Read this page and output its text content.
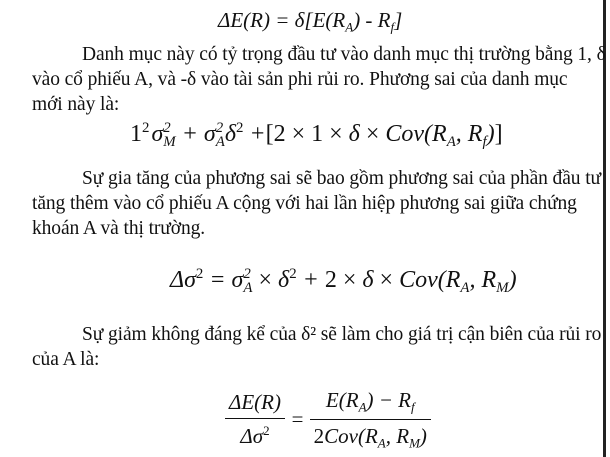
$\Delta E(R) = \delta[E(R_A) - R_f]$
Danh mục này có tỷ trọng đầu tư vào danh mục thị trường bằng 1, δ
vào cổ phiếu A, và -δ vào tài sản phi rủi ro. Phương sai của danh mục
mới này là:
$1^2$ σ 2
M + σ 2
A $\delta^2 +[2 \times 1 \times \delta \times Cov(R_A$, $R_f$)]
Sự gia tăng của phương sai sẽ bao gồm phương sai của phần đầu tư
tăng thêm vào cổ phiếu A cộng với hai lần hiệp phương sai giữa chứng
khoán A và thị trường.
$\Delta\sigma^2 = \sigma$ 2
$A \times \delta^2 + 2 \times \delta \times Cov(R_A$, $R_M$)
Sự giảm không đáng kể của δ² sẽ làm cho giá trị cận biên của rủi ro
của A là:
$\frac{\Delta E(R)}{\Delta\sigma^2} = \frac{E(R_A) - R_f}{2Cov(R_A, R_M)}$
